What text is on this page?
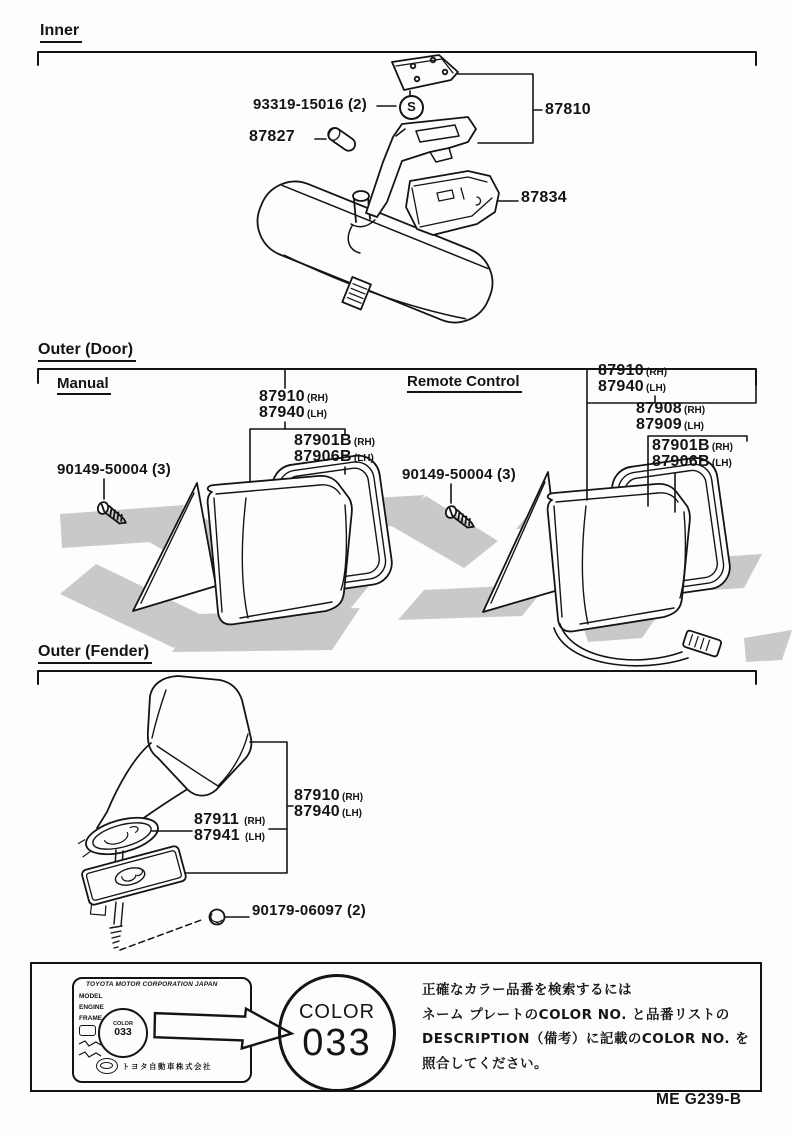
Inner
93319-15016 (2)	S
87827
87810
87834
Outer (Door)
Manual	Remote Control
87910 (RH)
87940 (LH)
87901B (RH)
87906B (LH)
90149-50004 (3)
87910 (RH)
87940 (LH)
87908 (RH)
87909 (LH)
87901B (RH)
87906B (LH)
90149-50004 (3)
Outer (Fender)
87910 (RH)
87940 (LH)
87911 (RH)
87941 (LH)
90179-06097 (2)
TOYOTA MOTOR CORPORATION JAPAN
MODEL
ENGINE
FRAME
COLOR
033
トヨタ自動車株式会社
COLOR
033
正確なカラー品番を検索するには
ネーム プレートのCOLOR NO. と品番リストの
DESCRIPTION（備考）に記載のCOLOR NO. を
照合してください。
ME G239-B
